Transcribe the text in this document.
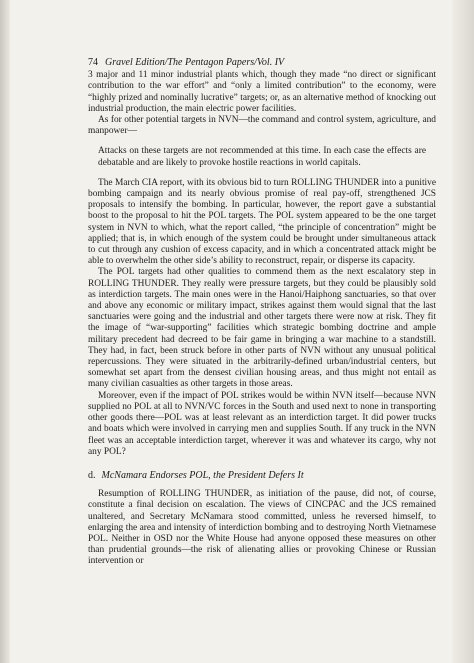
74 Gravel Edition/The Pentagon Papers/Vol. IV

3 major and 11 minor industrial plants which, though they made “no direct or significant contribution to the war effort” and “only a limited contribution” to the economy, were “highly prized and nominally lucrative” targets; or, as an alternative method of knocking out industrial production, the main electric power facilities.

As for other potential targets in NVN—the command and control system, agriculture, and manpower—

Attacks on these targets are not recommended at this time. In each case the effects are debatable and are likely to provoke hostile reactions in world capitals.

The March CIA report, with its obvious bid to turn ROLLING THUNDER into a punitive bombing campaign and its nearly obvious promise of real pay-off, strengthened JCS proposals to intensify the bombing. In particular, however, the report gave a substantial boost to the proposal to hit the POL targets. The POL system appeared to be the one target system in NVN to which, what the report called, “the principle of concentration” might be applied; that is, in which enough of the system could be brought under simultaneous attack to cut through any cushion of excess capacity, and in which a concentrated attack might be able to overwhelm the other side’s ability to reconstruct, repair, or disperse its capacity.

The POL targets had other qualities to commend them as the next escalatory step in ROLLING THUNDER. They really were pressure targets, but they could be plausibly sold as interdiction targets. The main ones were in the Hanoi/Haiphong sanctuaries, so that over and above any economic or military impact, strikes against them would signal that the last sanctuaries were going and the industrial and other targets there were now at risk. They fit the image of “war-supporting” facilities which strategic bombing doctrine and ample military precedent had decreed to be fair game in bringing a war machine to a standstill. They had, in fact, been struck before in other parts of NVN without any unusual political repercussions. They were situated in the arbitrarily-defined urban/industrial centers, but somewhat set apart from the densest civilian housing areas, and thus might not entail as many civilian casualties as other targets in those areas.

Moreover, even if the impact of POL strikes would be within NVN itself—because NVN supplied no POL at all to NVN/VC forces in the South and used next to none in transporting other goods there—POL was at least relevant as an interdiction target. It did power trucks and boats which were involved in carrying men and supplies South. If any truck in the NVN fleet was an acceptable interdiction target, wherever it was and whatever its cargo, why not any POL?

d. McNamara Endorses POL, the President Defers It

Resumption of ROLLING THUNDER, as initiation of the pause, did not, of course, constitute a final decision on escalation. The views of CINCPAC and the JCS remained unaltered, and Secretary McNamara stood committed, unless he reversed himself, to enlarging the area and intensity of interdiction bombing and to destroying North Vietnamese POL. Neither in OSD nor the White House had anyone opposed these measures on other than prudential grounds—the risk of alienating allies or provoking Chinese or Russian intervention or
